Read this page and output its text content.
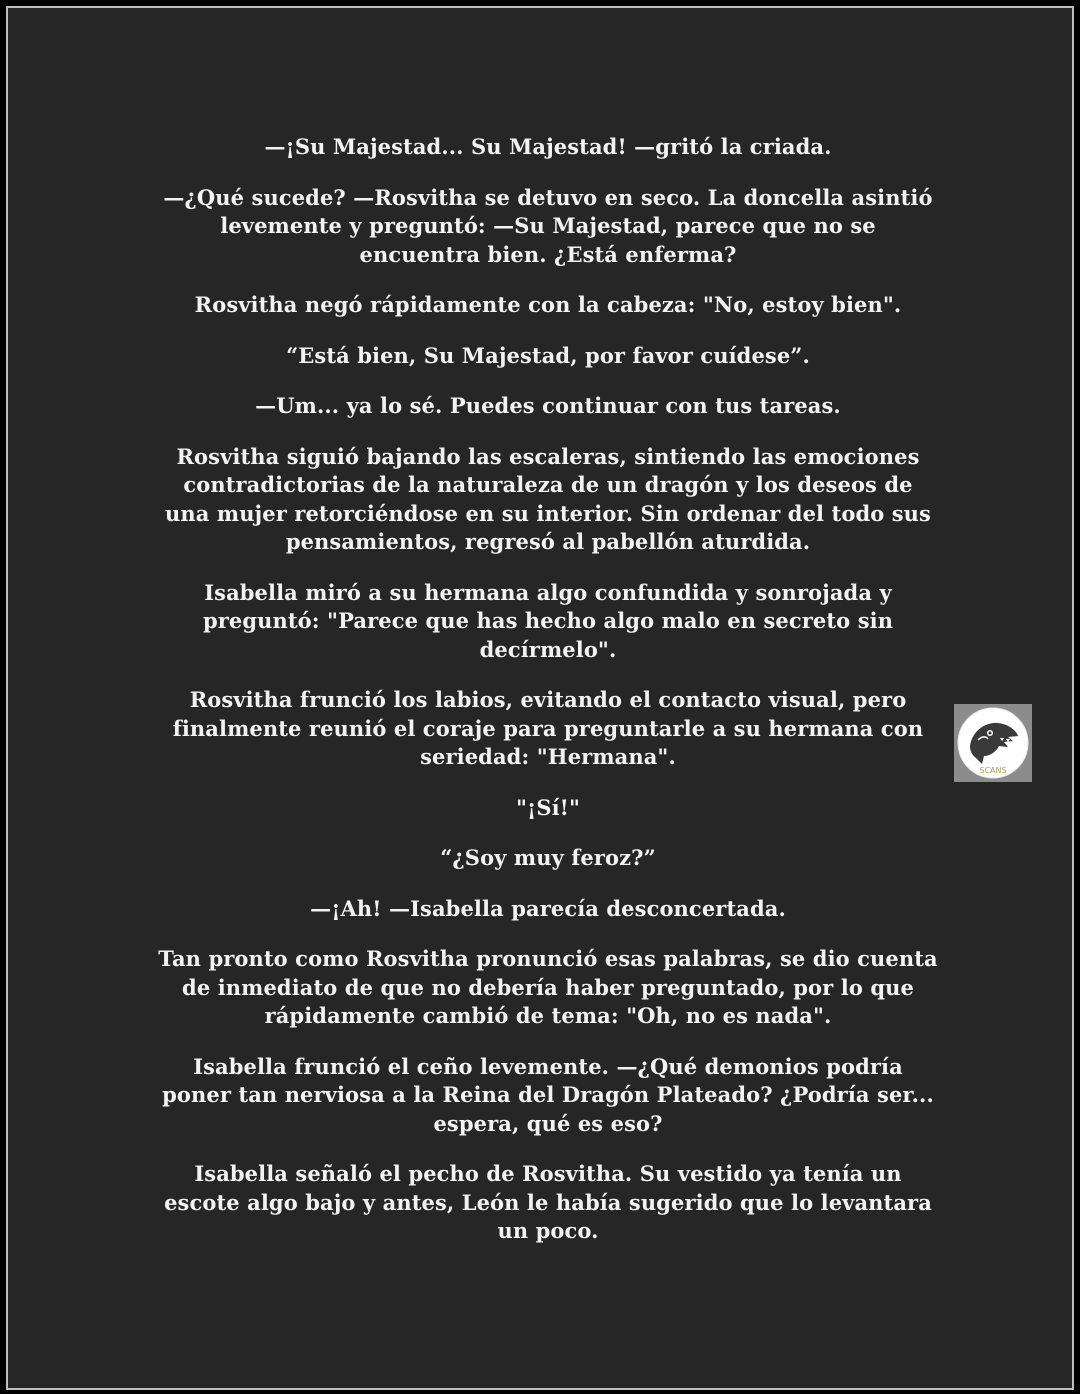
—¡Su Majestad... Su Majestad! —gritó la criada.

—¿Qué sucede? —Rosvitha se detuvo en seco. La doncella asintió levemente y preguntó: —Su Majestad, parece que no se encuentra bien. ¿Está enferma?

Rosvitha negó rápidamente con la cabeza: "No, estoy bien".

“Está bien, Su Majestad, por favor cuídese”.

—Um... ya lo sé. Puedes continuar con tus tareas.

Rosvitha siguió bajando las escaleras, sintiendo las emociones contradictorias de la naturaleza de un dragón y los deseos de una mujer retorciéndose en su interior. Sin ordenar del todo sus pensamientos, regresó al pabellón aturdida.

Isabella miró a su hermana algo confundida y sonrojada y preguntó: "Parece que has hecho algo malo en secreto sin decírmelo".

Rosvitha frunció los labios, evitando el contacto visual, pero finalmente reunió el coraje para preguntarle a su hermana con seriedad: "Hermana".

"¡Sí!"

“¿Soy muy feroz?”

—¡Ah! —Isabella parecía desconcertada.

Tan pronto como Rosvitha pronunció esas palabras, se dio cuenta de inmediato de que no debería haber preguntado, por lo que rápidamente cambió de tema: "Oh, no es nada".

Isabella frunció el ceño levemente. —¿Qué demonios podría poner tan nerviosa a la Reina del Dragón Plateado? ¿Podría ser... espera, qué es eso?

Isabella señaló el pecho de Rosvitha. Su vestido ya tenía un escote algo bajo y antes, León le había sugerido que lo levantara un poco.

SCANS
